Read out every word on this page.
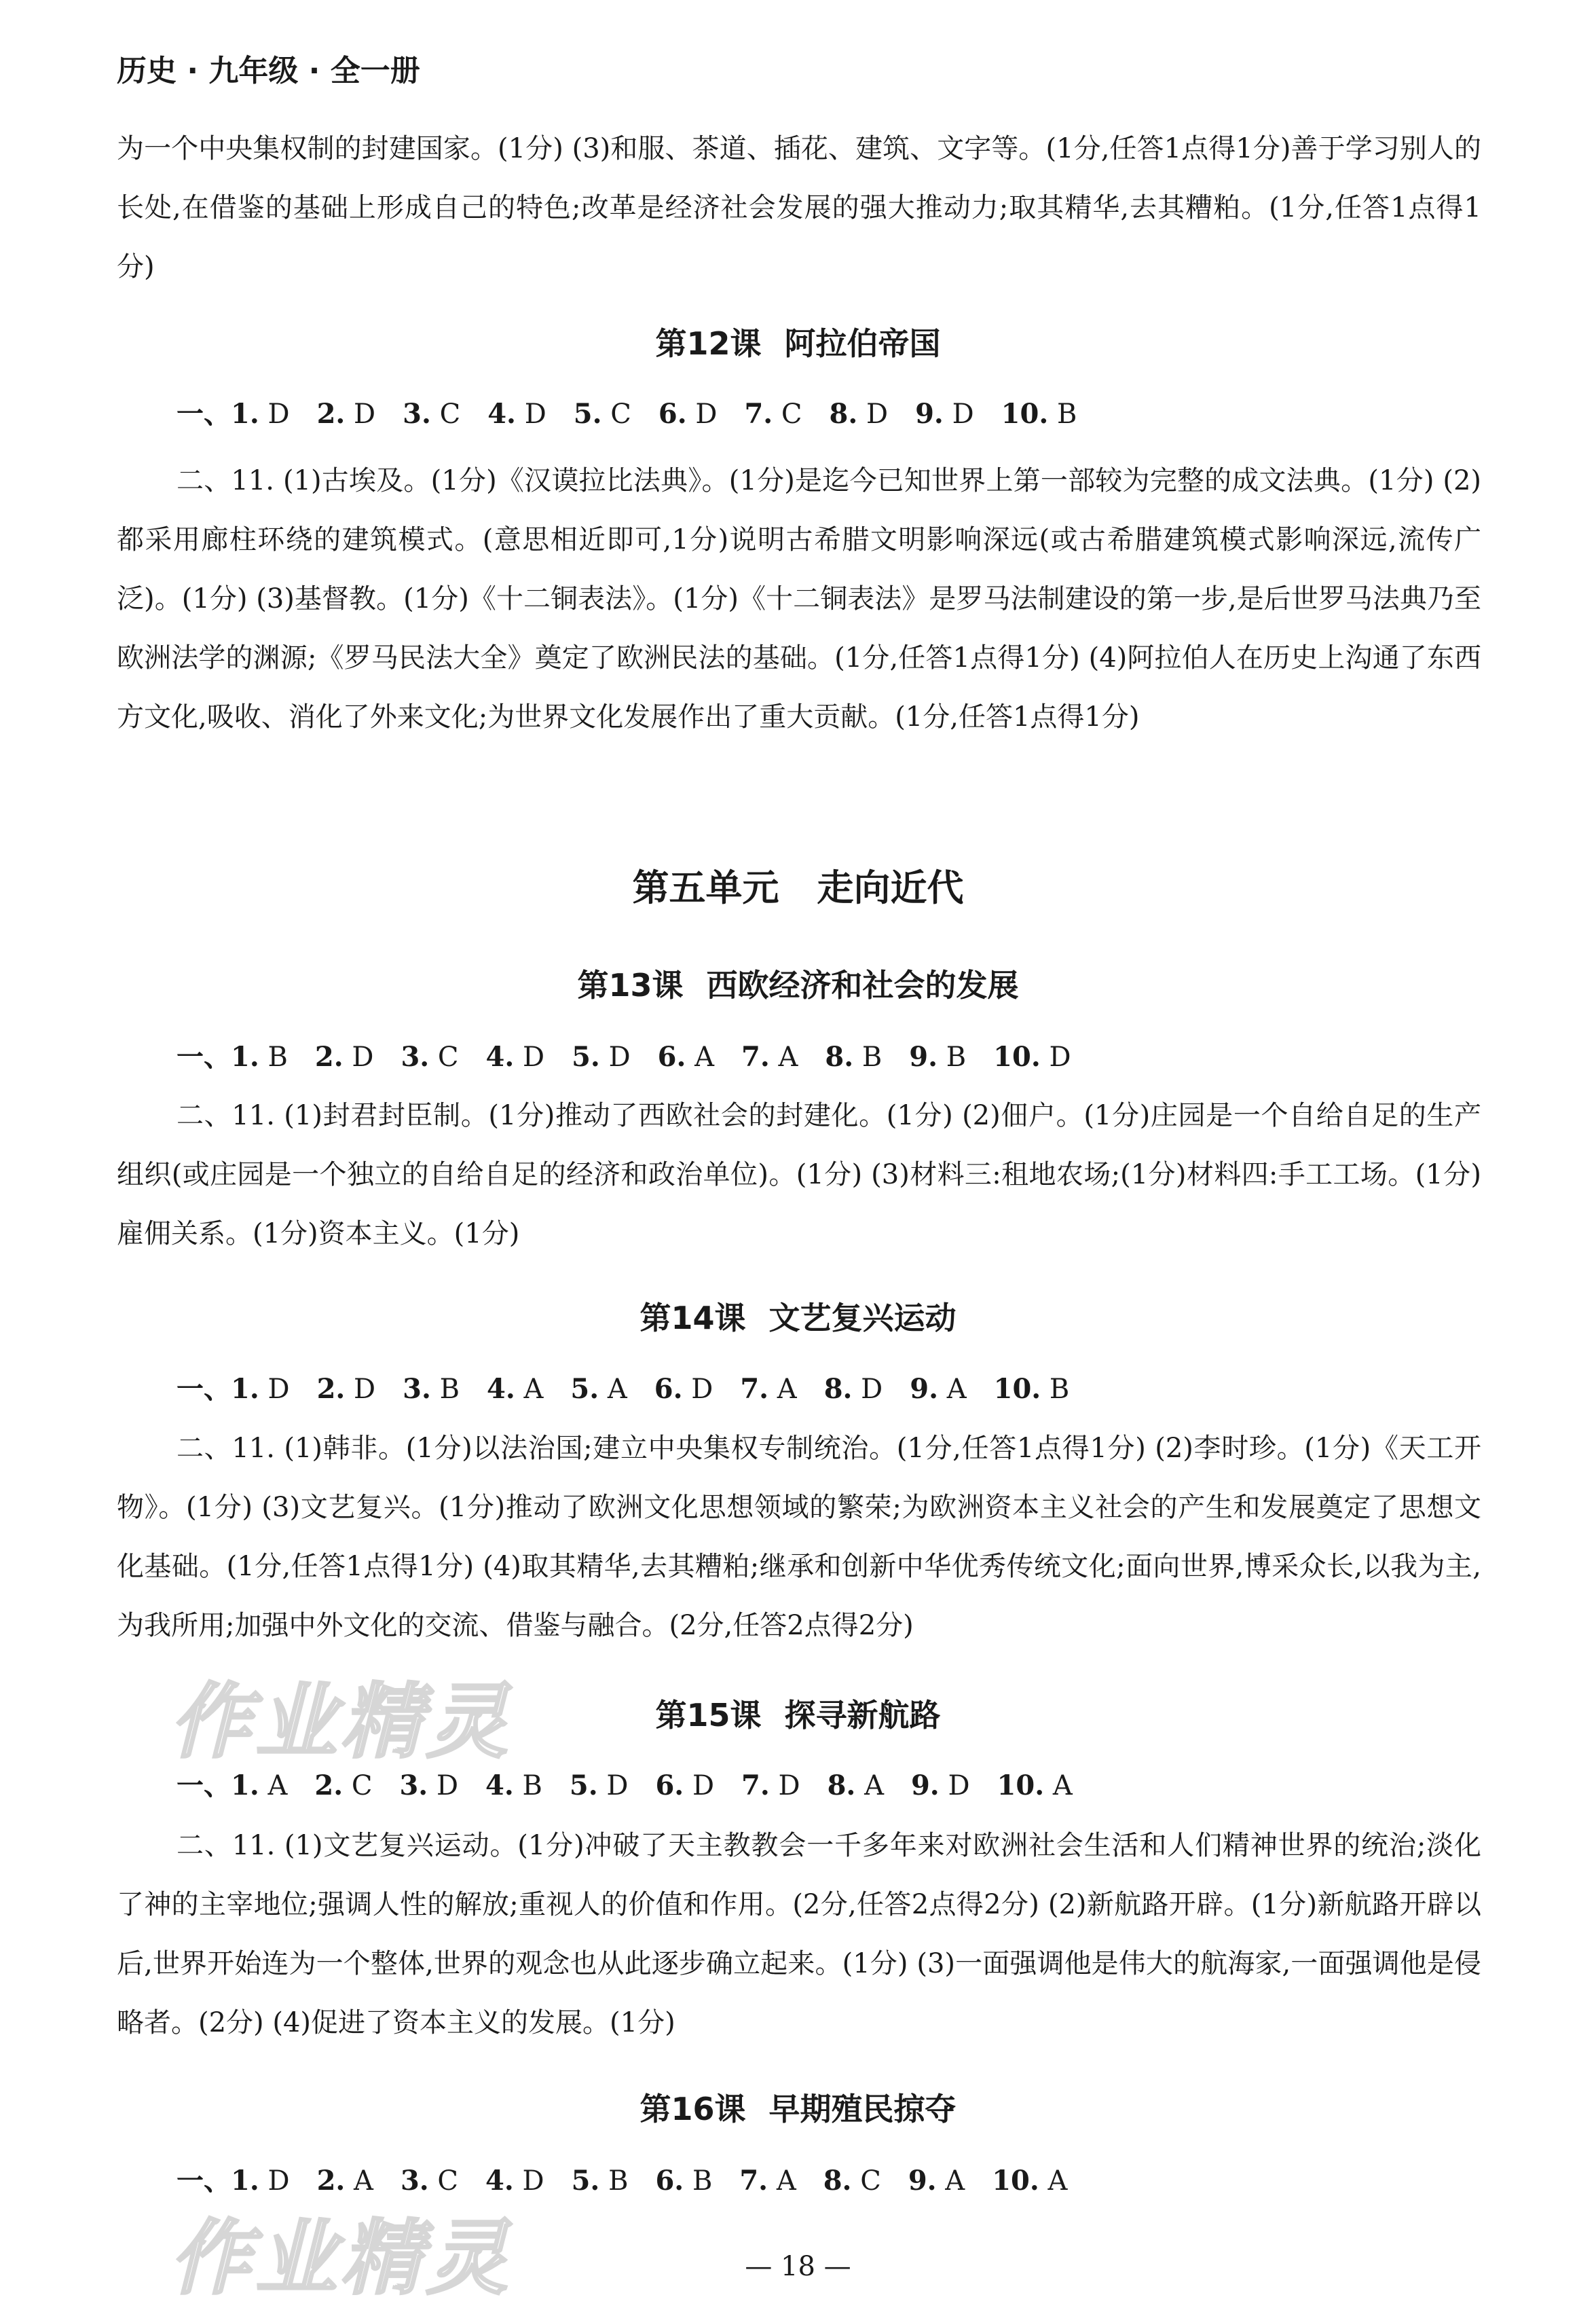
历史 · 九年级 · 全一册
为一个中央集权制的封建国家。(1分) (3)和服、茶道、插花、建筑、文字等。(1分,任答1点得1分)善于学习别人的长处,在借鉴的基础上形成自己的特色;改革是经济社会发展的强大推动力;取其精华,去其糟粕。(1分,任答1点得1分)
第12课 阿拉伯帝国
一、1. D 2. D 3. C 4. D 5. C 6. D 7. C 8. D 9. D 10. B
二、11. (1)古埃及。(1分)《汉谟拉比法典》。(1分)是迄今已知世界上第一部较为完整的成文法典。(1分) (2)都采用廊柱环绕的建筑模式。(意思相近即可,1分)说明古希腊文明影响深远(或古希腊建筑模式影响深远,流传广泛)。(1分) (3)基督教。(1分)《十二铜表法》。(1分)《十二铜表法》是罗马法制建设的第一步,是后世罗马法典乃至欧洲法学的渊源;《罗马民法大全》奠定了欧洲民法的基础。(1分,任答1点得1分) (4)阿拉伯人在历史上沟通了东西方文化,吸收、消化了外来文化;为世界文化发展作出了重大贡献。(1分,任答1点得1分)
第五单元 走向近代
第13课 西欧经济和社会的发展
一、1. B 2. D 3. C 4. D 5. D 6. A 7. A 8. B 9. B 10. D
二、11. (1)封君封臣制。(1分)推动了西欧社会的封建化。(1分) (2)佃户。(1分)庄园是一个自给自足的生产组织(或庄园是一个独立的自给自足的经济和政治单位)。(1分) (3)材料三:租地农场;(1分)材料四:手工工场。(1分)雇佣关系。(1分)资本主义。(1分)
第14课 文艺复兴运动
一、1. D 2. D 3. B 4. A 5. A 6. D 7. A 8. D 9. A 10. B
二、11. (1)韩非。(1分)以法治国;建立中央集权专制统治。(1分,任答1点得1分) (2)李时珍。(1分)《天工开物》。(1分) (3)文艺复兴。(1分)推动了欧洲文化思想领域的繁荣;为欧洲资本主义社会的产生和发展奠定了思想文化基础。(1分,任答1点得1分) (4)取其精华,去其糟粕;继承和创新中华优秀传统文化;面向世界,博采众长,以我为主,为我所用;加强中外文化的交流、借鉴与融合。(2分,任答2点得2分)
第15课 探寻新航路
一、1. A 2. C 3. D 4. B 5. D 6. D 7. D 8. A 9. D 10. A
二、11. (1)文艺复兴运动。(1分)冲破了天主教教会一千多年来对欧洲社会生活和人们精神世界的统治;淡化了神的主宰地位;强调人性的解放;重视人的价值和作用。(2分,任答2点得2分) (2)新航路开辟。(1分)新航路开辟以后,世界开始连为一个整体,世界的观念也从此逐步确立起来。(1分) (3)一面强调他是伟大的航海家,一面强调他是侵略者。(2分) (4)促进了资本主义的发展。(1分)
第16课 早期殖民掠夺
一、1. D 2. A 3. C 4. D 5. B 6. B 7. A 8. C 9. A 10. A
— 18 —
作业精灵
作业精灵
